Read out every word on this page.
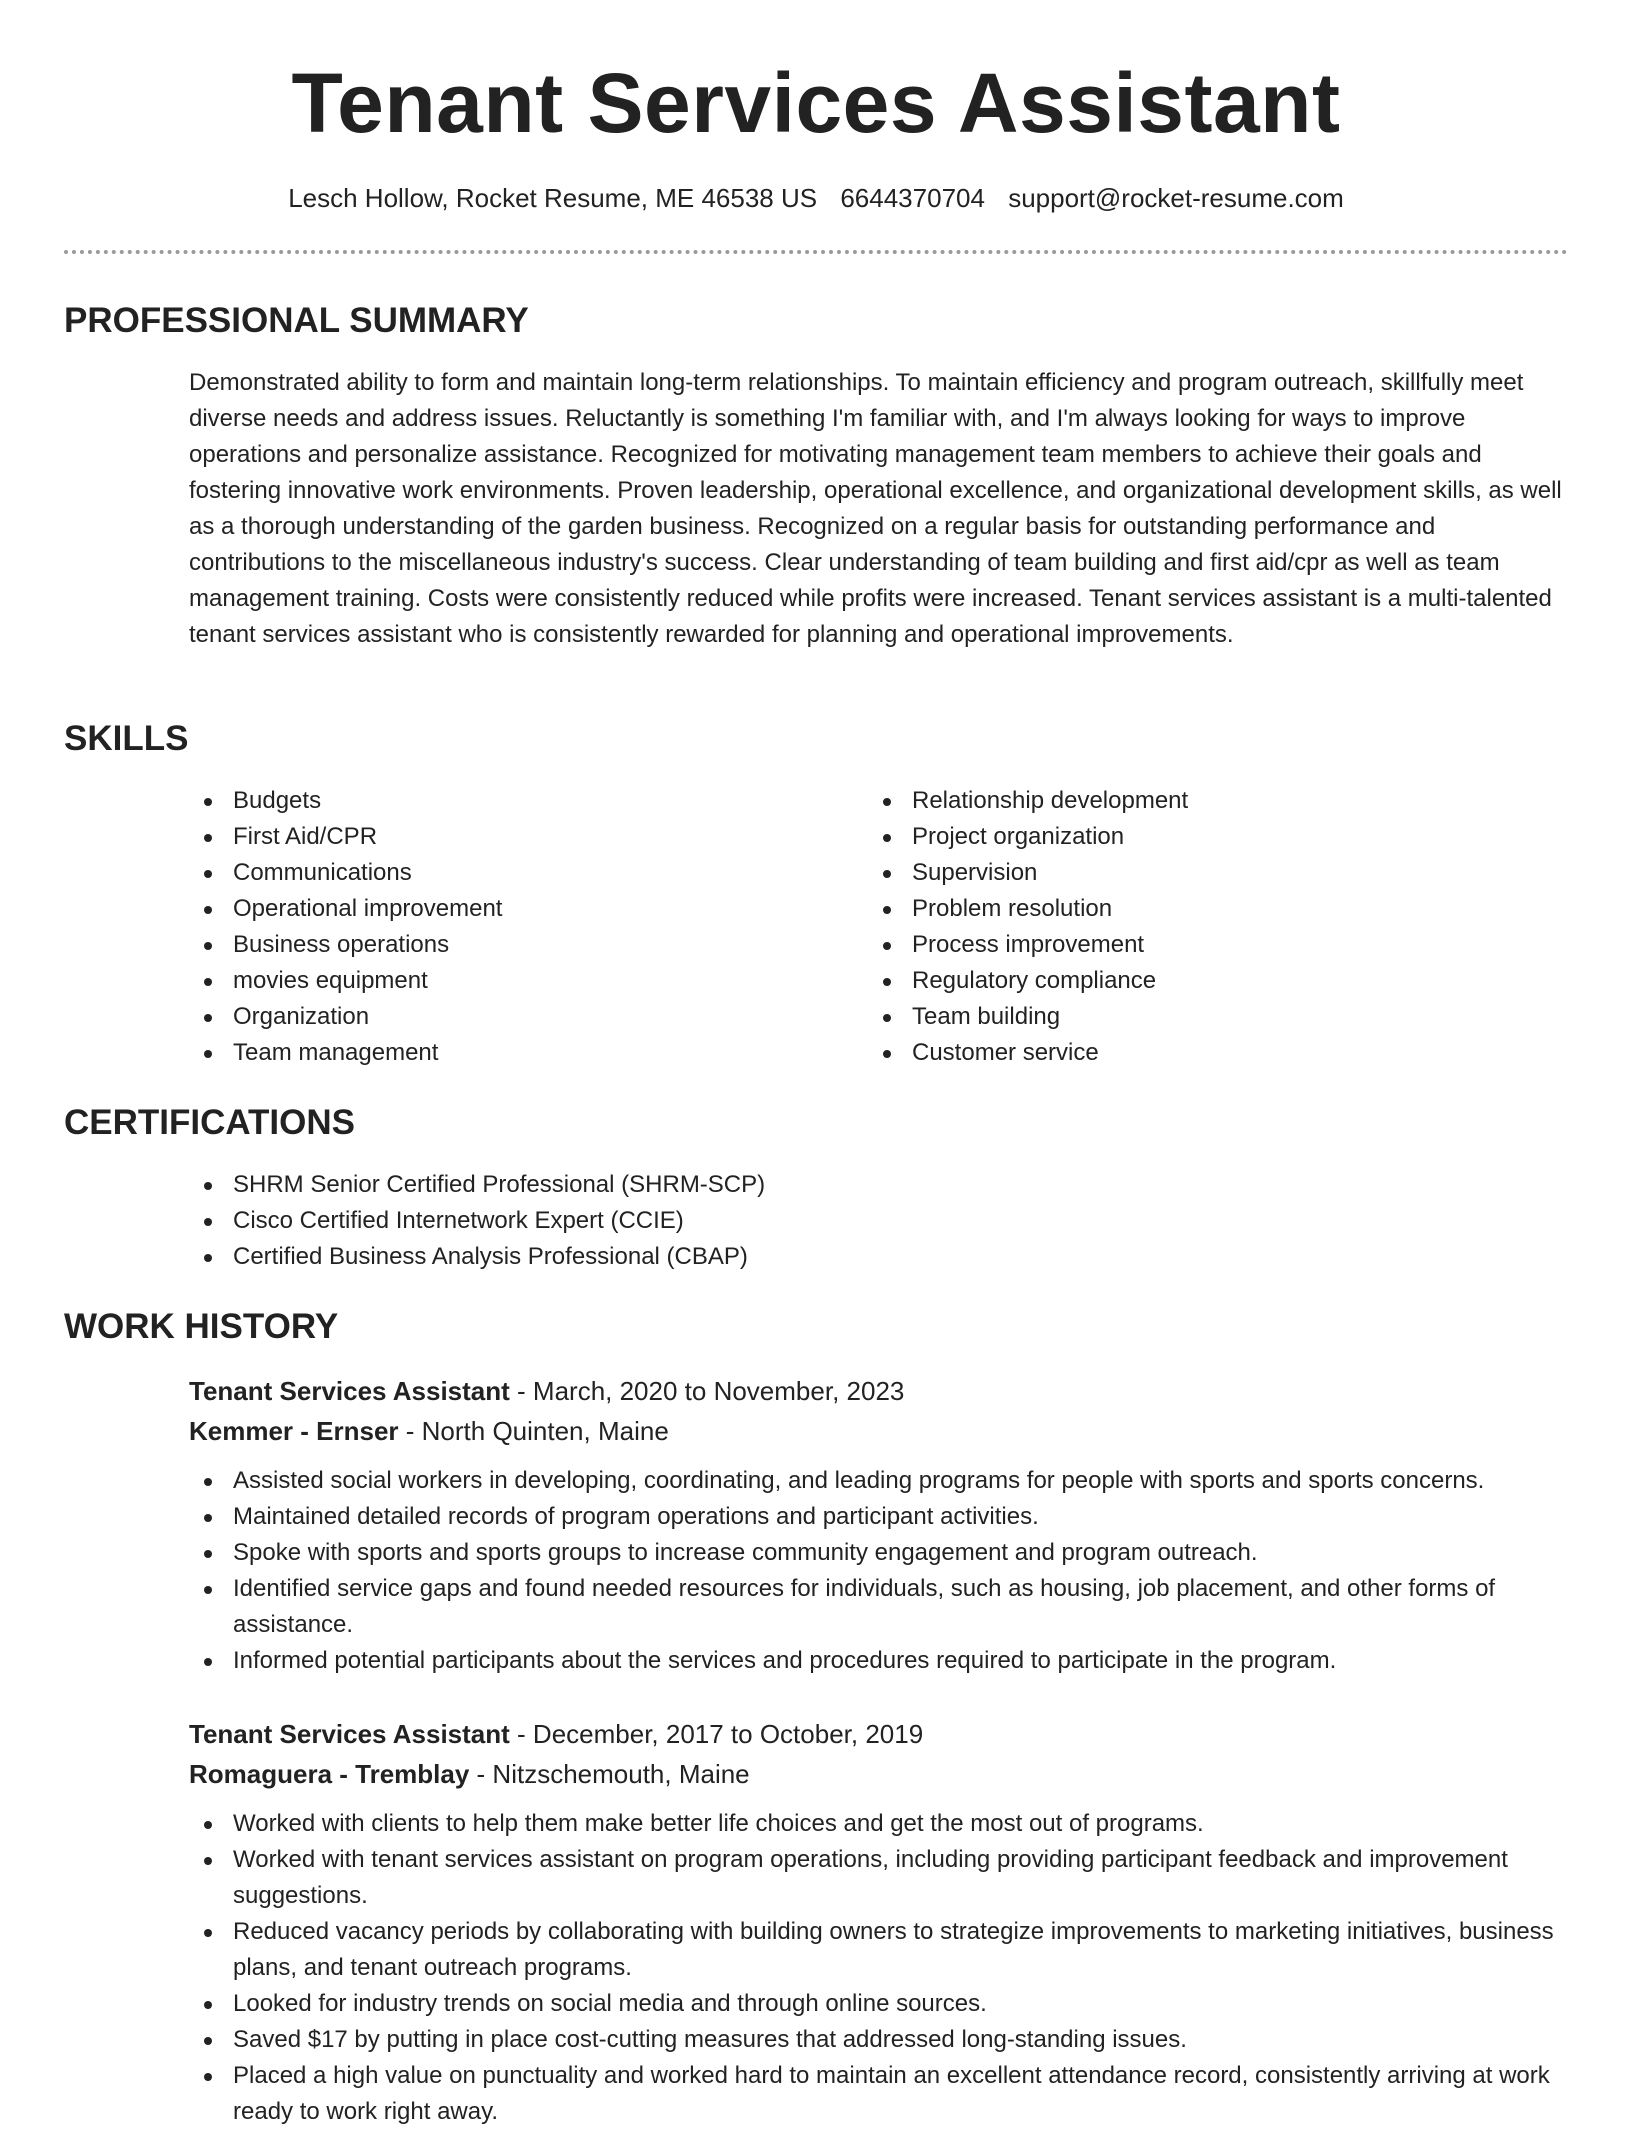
Tenant Services Assistant
Lesch Hollow, Rocket Resume, ME 46538 US 6644370704 support@rocket-resume.com
PROFESSIONAL SUMMARY

Demonstrated ability to form and maintain long-term relationships. To maintain efficiency and program outreach, skillfully meet diverse needs and address issues. Reluctantly is something I'm familiar with, and I'm always looking for ways to improve operations and personalize assistance. Recognized for motivating management team members to achieve their goals and fostering innovative work environments. Proven leadership, operational excellence, and organizational development skills, as well as a thorough understanding of the garden business. Recognized on a regular basis for outstanding performance and contributions to the miscellaneous industry's success. Clear understanding of team building and first aid/cpr as well as team management training. Costs were consistently reduced while profits were increased. Tenant services assistant is a multi-talented tenant services assistant who is consistently rewarded for planning and operational improvements.

SKILLS
Budgets
First Aid/CPR
Communications
Operational improvement
Business operations
movies equipment
Organization
Team management
Relationship development
Project organization
Supervision
Problem resolution
Process improvement
Regulatory compliance
Team building
Customer service
CERTIFICATIONS
SHRM Senior Certified Professional (SHRM-SCP)
Cisco Certified Internetwork Expert (CCIE)
Certified Business Analysis Professional (CBAP)
WORK HISTORY
Tenant Services Assistant - March, 2020 to November, 2023
Kemmer - Ernser - North Quinten, Maine
Assisted social workers in developing, coordinating, and leading programs for people with sports and sports concerns.
Maintained detailed records of program operations and participant activities.
Spoke with sports and sports groups to increase community engagement and program outreach.
Identified service gaps and found needed resources for individuals, such as housing, job placement, and other forms of assistance.
Informed potential participants about the services and procedures required to participate in the program.
Tenant Services Assistant - December, 2017 to October, 2019
Romaguera - Tremblay - Nitzschemouth, Maine
Worked with clients to help them make better life choices and get the most out of programs.
Worked with tenant services assistant on program operations, including providing participant feedback and improvement suggestions.
Reduced vacancy periods by collaborating with building owners to strategize improvements to marketing initiatives, business plans, and tenant outreach programs.
Looked for industry trends on social media and through online sources.
Saved $17 by putting in place cost-cutting measures that addressed long-standing issues.
Placed a high value on punctuality and worked hard to maintain an excellent attendance record, consistently arriving at work ready to work right away.
